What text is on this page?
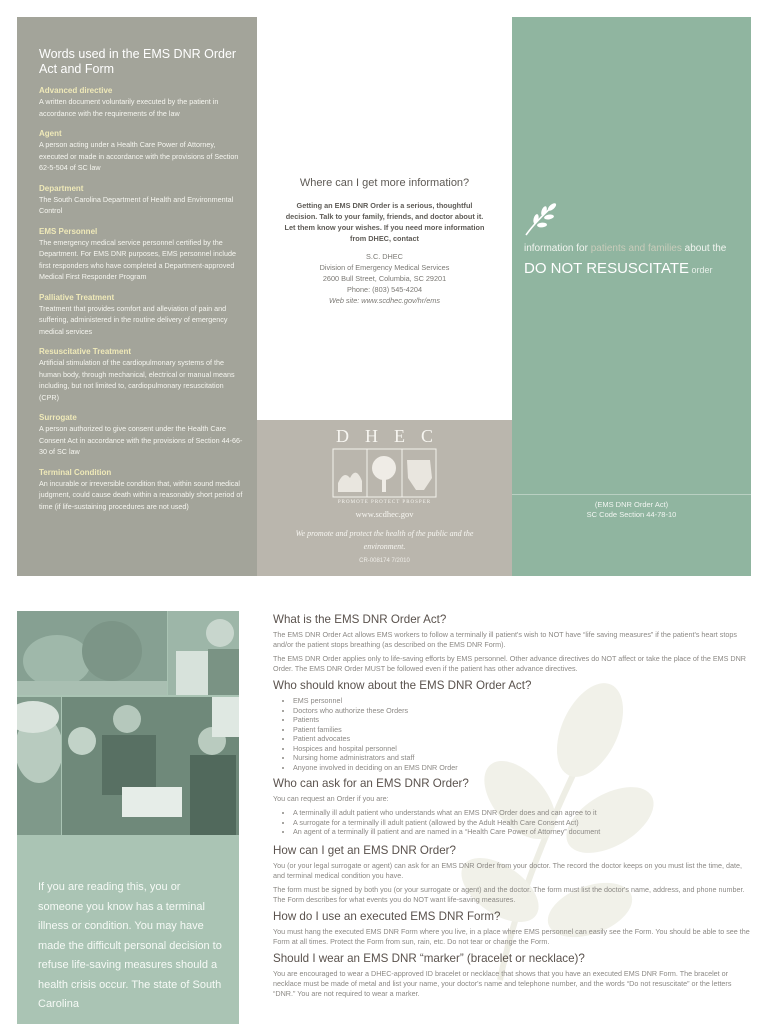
Words used in the EMS DNR Order Act and Form
Advanced directive
A written document voluntarily executed by the patient in accordance with the requirements of the law
Agent
A person acting under a Health Care Power of Attorney, executed or made in accordance with the provisions of Section 62-5-504 of SC law
Department
The South Carolina Department of Health and Environmental Control
EMS Personnel
The emergency medical service personnel certified by the Department. For EMS DNR purposes, EMS personnel include first responders who have completed a Department-approved Medical First Responder Program
Palliative Treatment
Treatment that provides comfort and alleviation of pain and suffering, administered in the routine delivery of emergency medical services
Resuscitative Treatment
Artificial stimulation of the cardiopulmonary systems of the human body, through mechanical, electrical or manual means including, but not limited to, cardiopulmonary resuscitation (CPR)
Surrogate
A person authorized to give consent under the Health Care Consent Act in accordance with the provisions of Section 44-66-30 of SC law
Terminal Condition
An incurable or irreversible condition that, within sound medical judgment, could cause death within a reasonably short period of time (if life-sustaining procedures are not used)
Where can I get more information?
Getting an EMS DNR Order is a serious, thoughtful decision. Talk to your family, friends, and doctor about it. Let them know your wishes. If you need more information from DHEC, contact
S.C. DHEC
Division of Emergency Medical Services
2600 Bull Street, Columbia, SC 29201
Phone: (803) 545-4204
Web site: www.scdhec.gov/hr/ems
DHEC
PROMOTE PROTECT PROSPER
www.scdhec.gov
We promote and protect the health of the public and the environment.
CR-008174 7/2010
information for patients and families about the
DO NOT RESUSCITATE order
(EMS DNR Order Act)
SC Code Section 44-78-10
If you are reading this, you or someone you know has a terminal illness or condition. You may have made the difficult personal decision to refuse life-saving measures should a health crisis occur. The state of South Carolina
What is the EMS DNR Order Act?
The EMS DNR Order Act allows EMS workers to follow a terminally ill patient's wish to NOT have “life saving measures” if the patient's heart stops and/or the patient stops breathing (as described on the EMS DNR Form).
The EMS DNR Order applies only to life-saving efforts by EMS personnel. Other advance directives do NOT affect or take the place of the EMS DNR Order. The EMS DNR Order MUST be followed even if the patient has other advance directives.
Who should know about the EMS DNR Order Act?
• EMS personnel
• Doctors who authorize these Orders
• Patients
• Patient families
• Patient advocates
• Hospices and hospital personnel
• Nursing home administrators and staff
• Anyone involved in deciding on an EMS DNR Order
Who can ask for an EMS DNR Order?
You can request an Order if you are:
• A terminally ill adult patient who understands what an EMS DNR Order does and can agree to it
• A surrogate for a terminally ill adult patient (allowed by the Adult Health Care Consent Act)
• An agent of a terminally ill patient and are named in a “Health Care Power of Attorney” document
How can I get an EMS DNR Order?
You (or your legal surrogate or agent) can ask for an EMS DNR Order from your doctor. The record the doctor keeps on you must list the time, date, and terminal medical condition you have.
The form must be signed by both you (or your surrogate or agent) and the doctor. The form must list the doctor's name, address, and phone number. The Form describes for what events you do NOT want life-saving measures.
How do I use an executed EMS DNR Form?
You must hang the executed EMS DNR Form where you live, in a place where EMS personnel can easily see the Form. You should be able to see the Form at all times. Protect the Form from sun, rain, etc. Do not tear or change the Form.
Should I wear an EMS DNR “marker” (bracelet or necklace)?
You are encouraged to wear a DHEC-approved ID bracelet or necklace that shows that you have an executed EMS DNR Form. The bracelet or necklace must be made of metal and list your name, your doctor's name and telephone number, and the words “Do not resuscitate” or the letters “DNR.” You are not required to wear a marker.
